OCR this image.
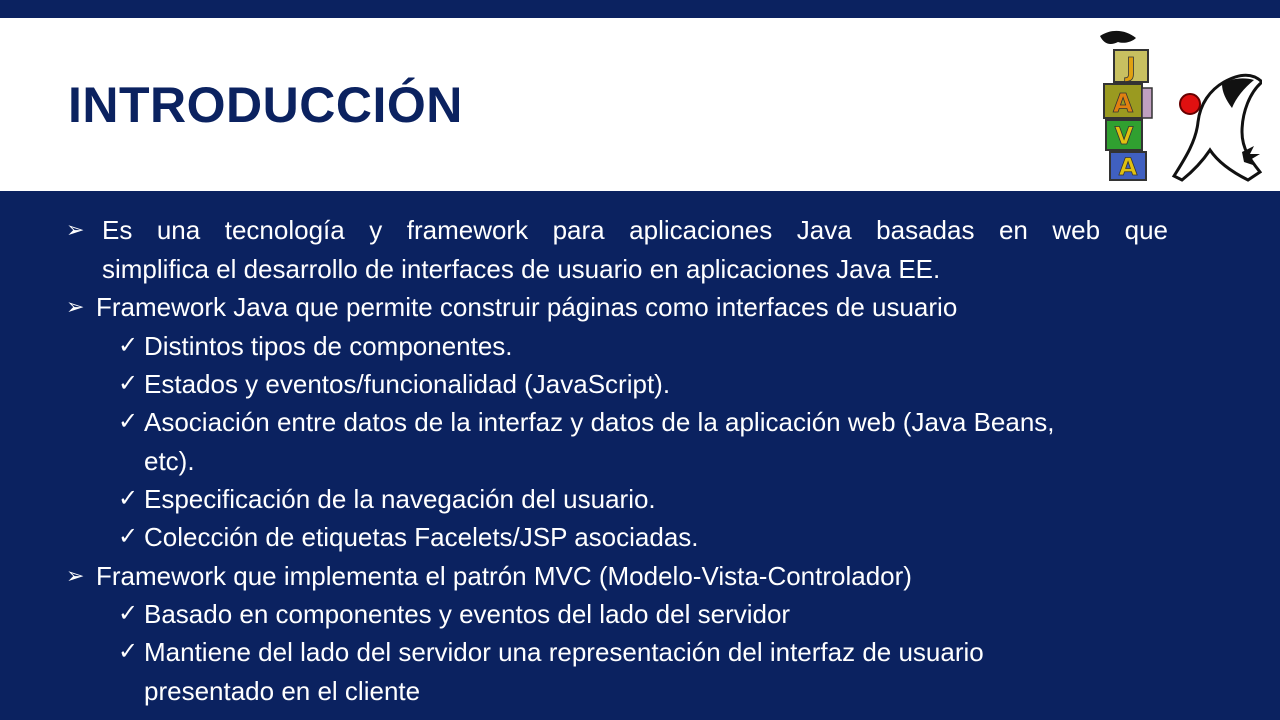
INTRODUCCIÓN
J
A
V
A
➢ Es una tecnología y framework para aplicaciones Java basadas en web que
simplifica el desarrollo de interfaces de usuario en aplicaciones Java EE.
➢ Framework Java que permite construir páginas como interfaces de usuario
✓ Distintos tipos de componentes.
✓ Estados y eventos/funcionalidad (JavaScript).
✓ Asociación entre datos de la interfaz y datos de la aplicación web (Java Beans,
etc).
✓ Especificación de la navegación del usuario.
✓ Colección de etiquetas Facelets/JSP asociadas.
➢ Framework que implementa el patrón MVC (Modelo-Vista-Controlador)
✓ Basado en componentes y eventos del lado del servidor
✓ Mantiene del lado del servidor una representación del interfaz de usuario
presentado en el cliente
